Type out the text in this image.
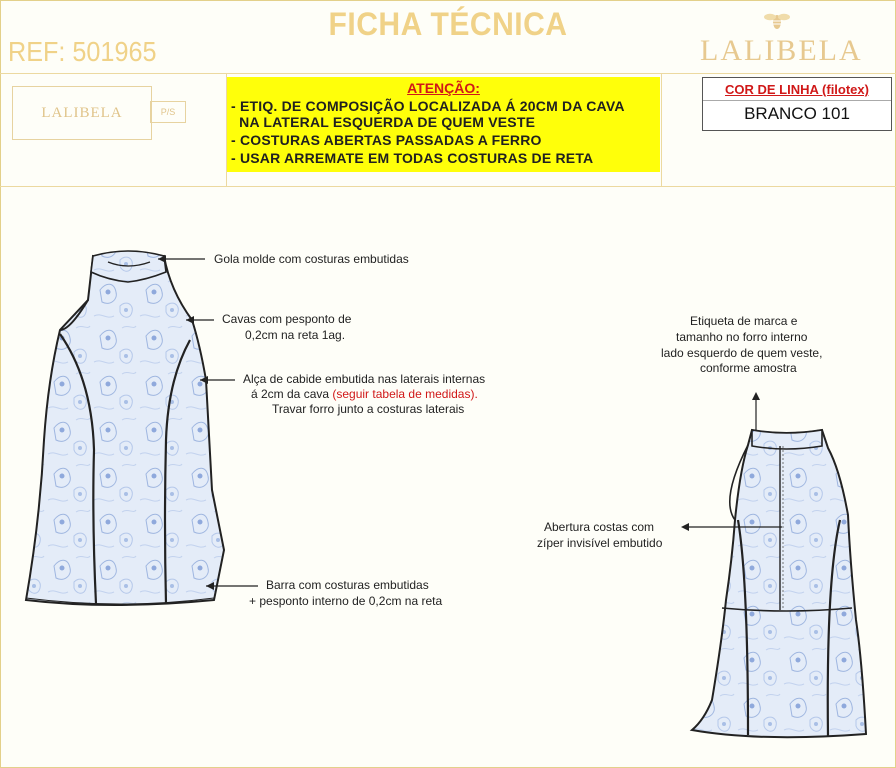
FICHA TÉCNICA
REF: 501965	LALIBELA
LALIBELA	P/S
ATENÇÃO:
- ETIQ. DE COMPOSIÇÃO LOCALIZADA Á 20CM DA CAVA
NA LATERAL ESQUERDA DE QUEM VESTE
- COSTURAS ABERTAS PASSADAS A FERRO
- USAR ARREMATE EM TODAS COSTURAS DE RETA
COR DE LINHA (filotex)
BRANCO 101
Gola molde com costuras embutidas
Cavas com pesponto de
0,2cm na reta 1ag.
Alça de cabide embutida nas laterais internas
á 2cm da cava (seguir tabela de medidas).
Travar forro junto a costuras laterais
Barra com costuras embutidas
+ pesponto interno de 0,2cm na reta
Etiqueta de marca e
tamanho no forro interno
lado esquerdo de quem veste,
conforme amostra
Abertura costas com
zíper invisível embutido
